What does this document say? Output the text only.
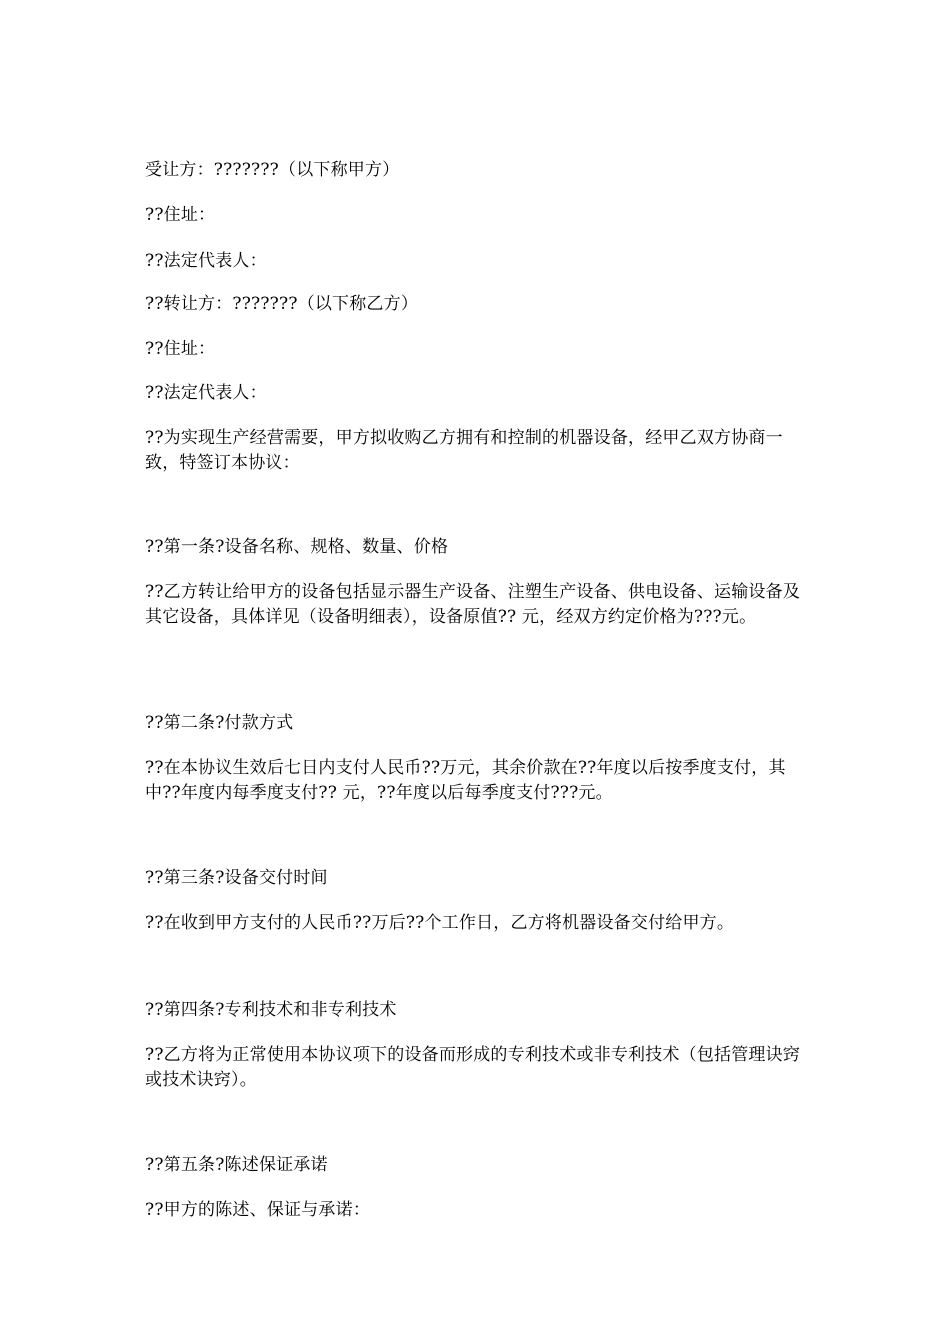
受让方：???????（以下称甲方）
??住址：
??法定代表人：
??转让方：???????（以下称乙方）
??住址：
??法定代表人：
??为实现生产经营需要，甲方拟收购乙方拥有和控制的机器设备，经甲乙双方协商一致，特签订本协议：
??第一条?设备名称、规格、数量、价格
??乙方转让给甲方的设备包括显示器生产设备、注塑生产设备、供电设备、运输设备及其它设备，具体详见（设备明细表），设备原值?? 元，经双方约定价格为???元。
??第二条?付款方式
??在本协议生效后七日内支付人民币??万元，其余价款在??年度以后按季度支付，其中??年度内每季度支付?? 元，??年度以后每季度支付???元。
??第三条?设备交付时间
??在收到甲方支付的人民币??万后??个工作日，乙方将机器设备交付给甲方。
??第四条?专利技术和非专利技术
??乙方将为正常使用本协议项下的设备而形成的专利技术或非专利技术（包括管理诀窍或技术诀窍）。
??第五条?陈述保证承诺
??甲方的陈述、保证与承诺：
